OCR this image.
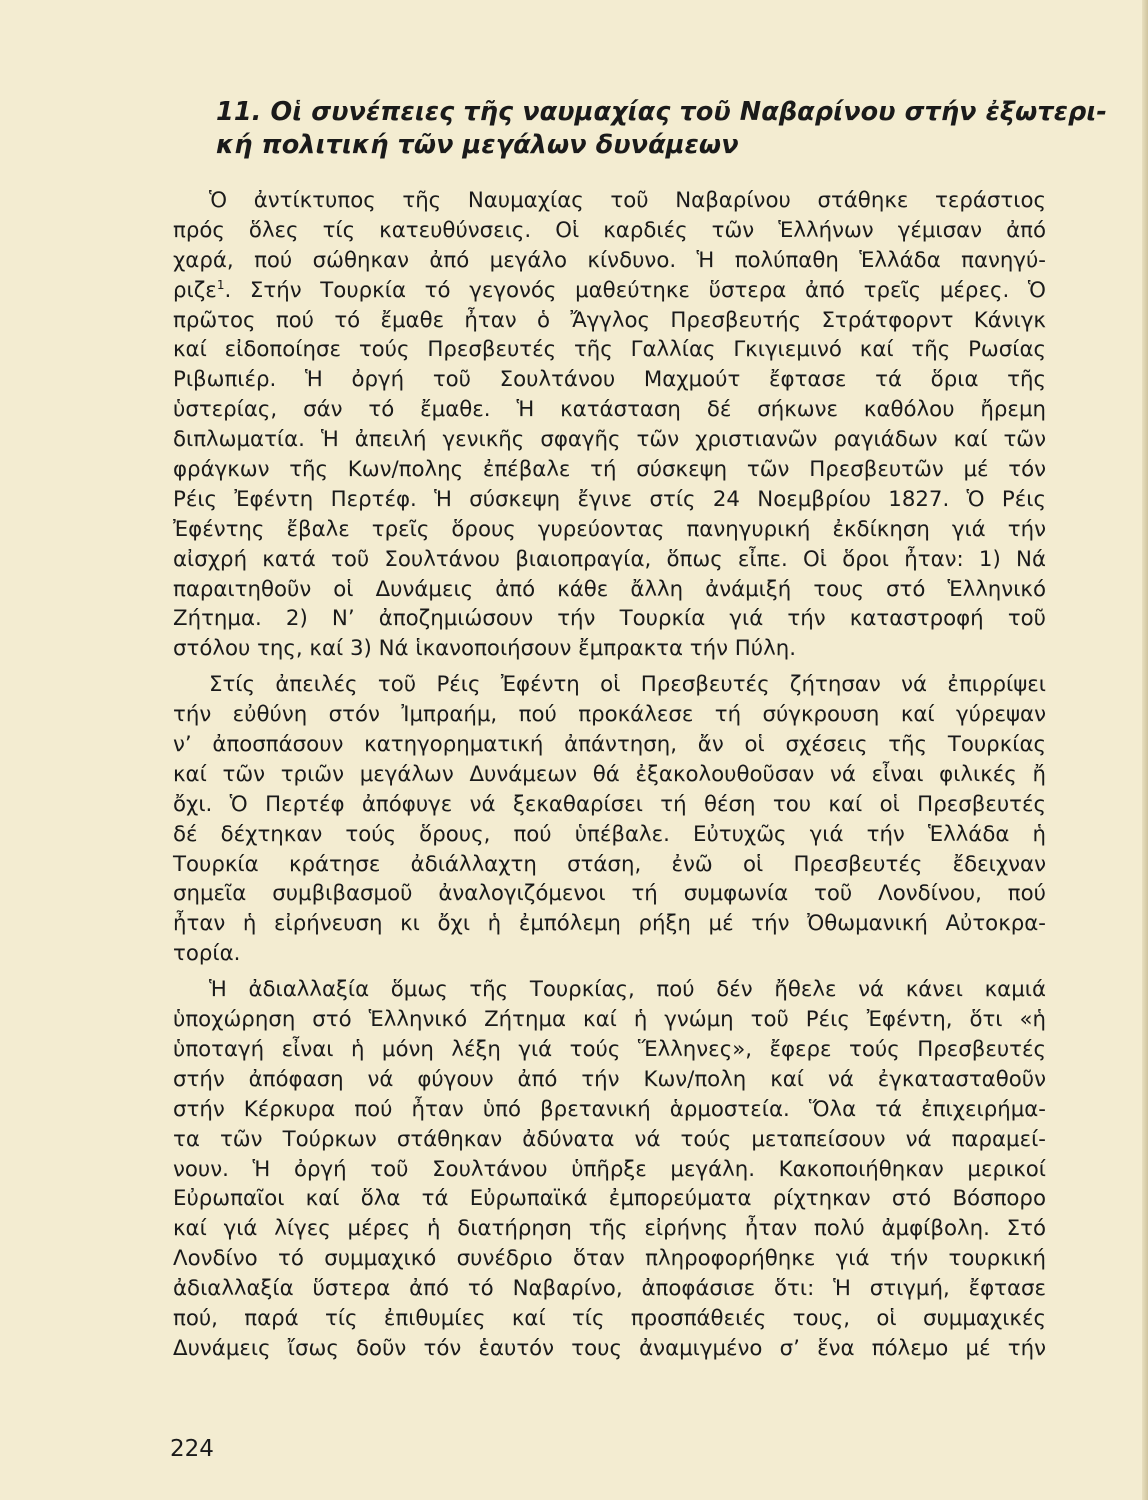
11. Οἱ συνέπειες τῆς ναυμαχίας τοῦ Ναβαρίνου στήν ἐξωτερι-
κή πολιτική τῶν μεγάλων δυνάμεων

Ὁ ἀντίκτυπος τῆς Ναυμαχίας τοῦ Ναβαρίνου στάθηκε τεράστιος
πρός ὅλες τίς κατευθύνσεις. Οἱ καρδιές τῶν Ἑλλήνων γέμισαν ἀπό
χαρά, πού σώθηκαν ἀπό μεγάλο κίνδυνο. Ἡ πολύπαθη Ἑλλάδα πανηγύ-
ριζε$^1$. Στήν Τουρκία τό γεγονός μαθεύτηκε ὕστερα ἀπό τρεῖς μέρες. Ὁ
πρῶτος πού τό ἔμαθε ἦταν ὁ Ἄγγλος Πρεσβευτής Στράτφορντ Κάνιγκ
καί εἰδοποίησε τούς Πρεσβευτές τῆς Γαλλίας Γκιγιεμινό καί τῆς Ρωσίας
Ριβωπιέρ. Ἡ ὀργή τοῦ Σουλτάνου Μαχμούτ ἔφτασε τά ὅρια τῆς
ὑστερίας, σάν τό ἔμαθε. Ἡ κατάσταση δέ σήκωνε καθόλου ἤρεμη
διπλωματία. Ἡ ἀπειλή γενικῆς σφαγῆς τῶν χριστιανῶν ραγιάδων καί τῶν
φράγκων τῆς Κων/πολης ἐπέβαλε τή σύσκεψη τῶν Πρεσβευτῶν μέ τόν
Ρέις Ἐφέντη Περτέφ. Ἡ σύσκεψη ἔγινε στίς 24 Νοεμβρίου 1827. Ὁ Ρέις
Ἐφέντης ἔβαλε τρεῖς ὅρους γυρεύοντας πανηγυρική ἐκδίκηση γιά τήν
αἰσχρή κατά τοῦ Σουλτάνου βιαιοπραγία, ὅπως εἶπε. Οἱ ὅροι ἦταν: 1) Νά
παραιτηθοῦν οἱ Δυνάμεις ἀπό κάθε ἄλλη ἀνάμιξή τους στό Ἑλληνικό
Ζήτημα. 2) Ν’ ἀποζημιώσουν τήν Τουρκία γιά τήν καταστροφή τοῦ
στόλου της, καί 3) Νά ἱκανοποιήσουν ἔμπρακτα τήν Πύλη.

Στίς ἀπειλές τοῦ Ρέις Ἐφέντη οἱ Πρεσβευτές ζήτησαν νά ἐπιρρίψει
τήν εὐθύνη στόν Ἰμπραήμ, πού προκάλεσε τή σύγκρουση καί γύρεψαν
ν’ ἀποσπάσουν κατηγορηματική ἀπάντηση, ἄν οἱ σχέσεις τῆς Τουρκίας
καί τῶν τριῶν μεγάλων Δυνάμεων θά ἐξακολουθοῦσαν νά εἶναι φιλικές ἤ
ὄχι. Ὁ Περτέφ ἀπόφυγε νά ξεκαθαρίσει τή θέση του καί οἱ Πρεσβευτές
δέ δέχτηκαν τούς ὅρους, πού ὑπέβαλε. Εὐτυχῶς γιά τήν Ἑλλάδα ἡ
Τουρκία κράτησε ἀδιάλλαχτη στάση, ἐνῶ οἱ Πρεσβευτές ἔδειχναν
σημεῖα συμβιβασμοῦ ἀναλογιζόμενοι τή συμφωνία τοῦ Λονδίνου, πού
ἦταν ἡ εἰρήνευση κι ὄχι ἡ ἐμπόλεμη ρήξη μέ τήν Ὀθωμανική Αὐτοκρα-
τορία.

Ἡ ἀδιαλλαξία ὅμως τῆς Τουρκίας, πού δέν ἤθελε νά κάνει καμιά
ὑποχώρηση στό Ἑλληνικό Ζήτημα καί ἡ γνώμη τοῦ Ρέις Ἐφέντη, ὅτι «ἡ
ὑποταγή εἶναι ἡ μόνη λέξη γιά τούς Ἕλληνες», ἔφερε τούς Πρεσβευτές
στήν ἀπόφαση νά φύγουν ἀπό τήν Κων/πολη καί νά ἐγκατασταθοῦν
στήν Κέρκυρα πού ἦταν ὑπό βρετανική ἁρμοστεία. Ὅλα τά ἐπιχειρήμα-
τα τῶν Τούρκων στάθηκαν ἀδύνατα νά τούς μεταπείσουν νά παραμεί-
νουν. Ἡ ὀργή τοῦ Σουλτάνου ὑπῆρξε μεγάλη. Κακοποιήθηκαν μερικοί
Εὐρωπαῖοι καί ὅλα τά Εὐρωπαϊκά ἐμπορεύματα ρίχτηκαν στό Βόσπορο
καί γιά λίγες μέρες ἡ διατήρηση τῆς εἰρήνης ἦταν πολύ ἀμφίβολη. Στό
Λονδίνο τό συμμαχικό συνέδριο ὅταν πληροφορήθηκε γιά τήν τουρκική
ἀδιαλλαξία ὕστερα ἀπό τό Ναβαρίνο, ἀποφάσισε ὅτι: Ἡ στιγμή, ἔφτασε
πού, παρά τίς ἐπιθυμίες καί τίς προσπάθειές τους, οἱ συμμαχικές
Δυνάμεις ἴσως δοῦν τόν ἑαυτόν τους ἀναμιγμένο σ’ ἕνα πόλεμο μέ τήν

224
